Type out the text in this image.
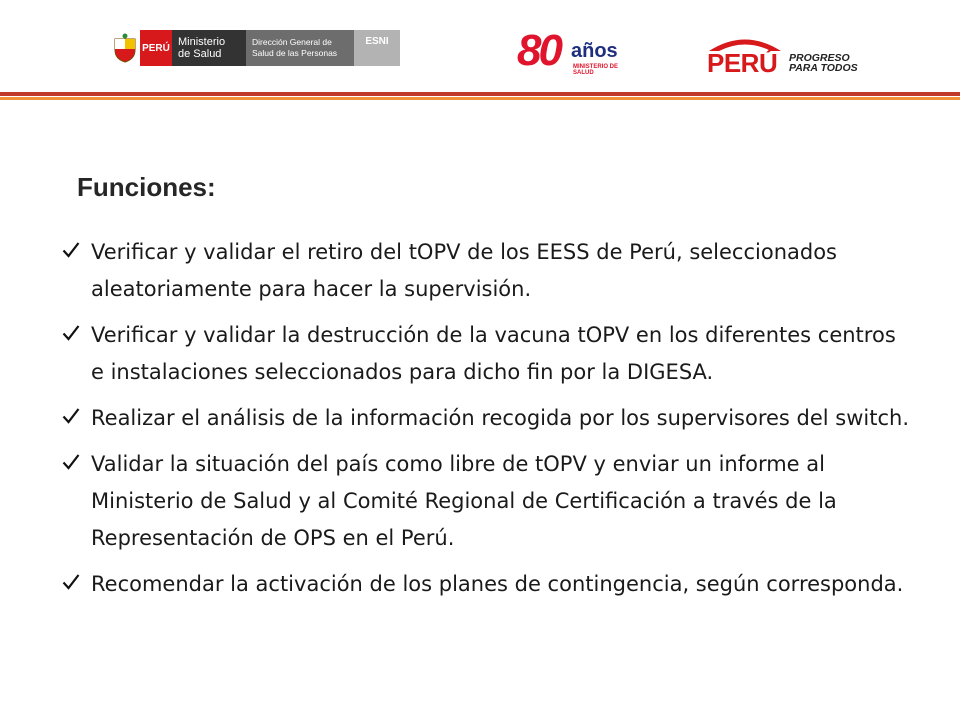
PERÚ Ministerio de Salud
Dirección General de Salud de las Personas
ESNI	80 años
MINISTERIO DE SALUD	PERÚ PROGRESO
PARA TODOS
Funciones:
Verificar y validar el retiro del tOPV de los EESS de Perú, seleccionados aleatoriamente para hacer la supervisión.
Verificar y validar la destrucción de la vacuna tOPV en los diferentes centros e instalaciones seleccionados para dicho fin por la DIGESA.
Realizar el análisis de la información recogida por los supervisores del switch.
Validar la situación del país como libre de tOPV y enviar un informe al Ministerio de Salud y al Comité Regional de Certificación a través de la Representación de OPS en el Perú.
Recomendar la activación de los planes de contingencia, según corresponda.
